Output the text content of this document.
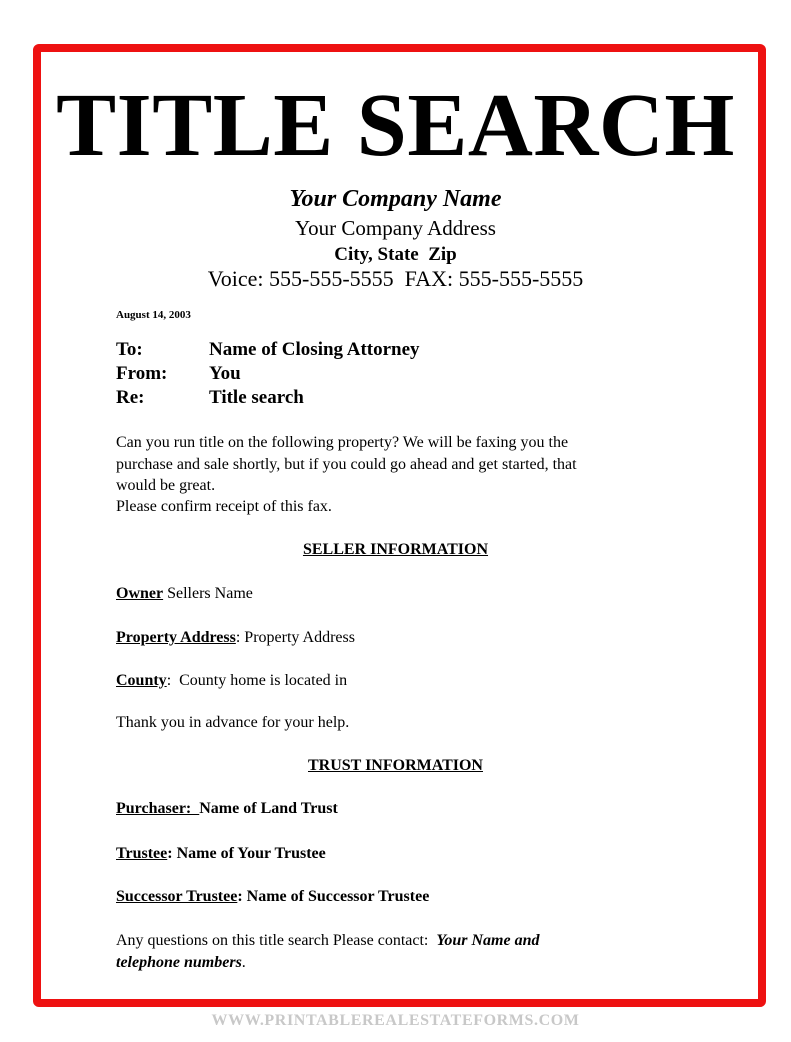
TITLE SEARCH
Your Company Name
Your Company Address
City, State  Zip
Voice: 555-555-5555  FAX: 555-555-5555
August 14, 2003
To:	Name of Closing Attorney
From: You
Re:	Title search
Can you run title on the following property? We will be faxing you the
purchase and sale shortly, but if you could go ahead and get started, that
would be great.
Please confirm receipt of this fax.
SELLER INFORMATION
Owner Sellers Name
Property Address: Property Address
County:  County home is located in
Thank you in advance for your help.
TRUST INFORMATION
Purchaser:  Name of Land Trust
Trustee: Name of Your Trustee
Successor Trustee: Name of Successor Trustee
Any questions on this title search Please contact:  Your Name and
telephone numbers.
WWW.PRINTABLEREALESTATEFORMS.COM
